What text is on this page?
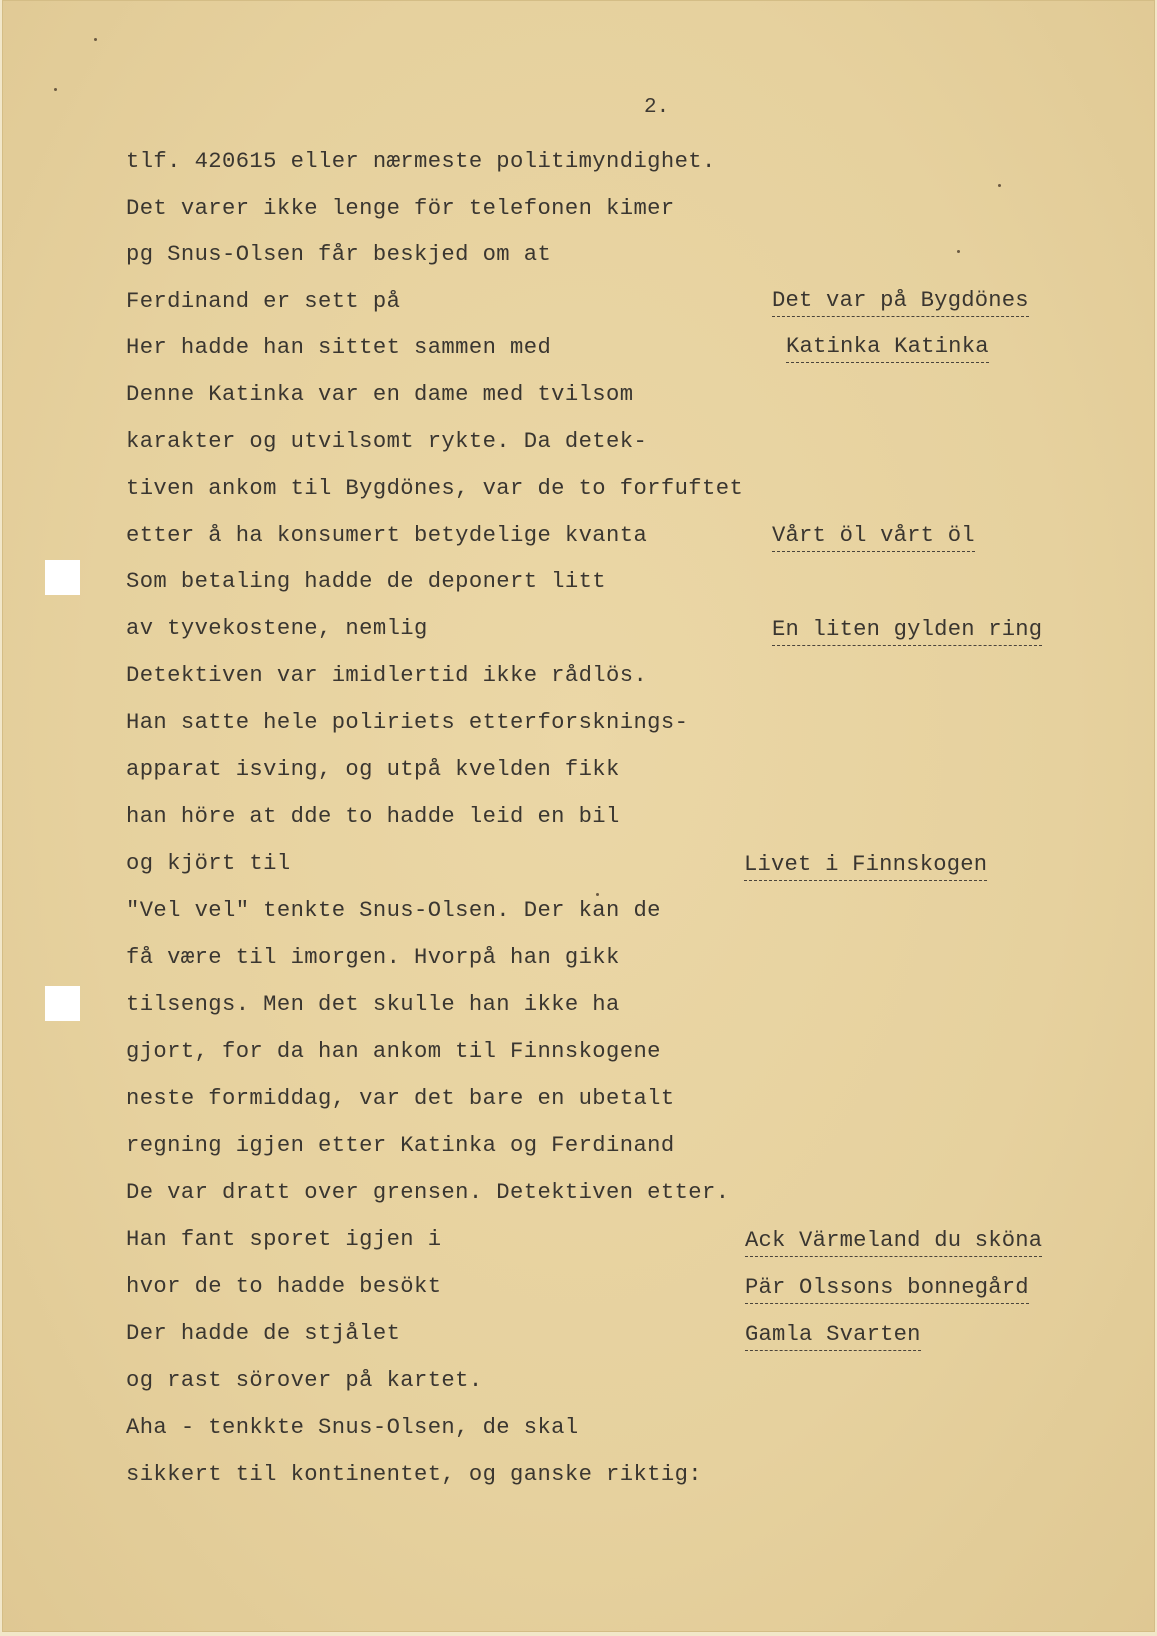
2.
tlf. 420615 eller nærmeste politimyndighet.
Det varer ikke lenge för telefonen kimer
pg Snus-Olsen får beskjed om at
Ferdinand er sett på
Her hadde han sittet sammen med
Denne Katinka var en dame med tvilsom
karakter og utvilsomt rykte. Da detek-
tiven ankom til Bygdönes, var de to forfuftet
etter å ha konsumert betydelige kvanta
Som betaling hadde de deponert litt
av tyvekostene, nemlig
Detektiven var imidlertid ikke rådlös.
Han satte hele poliriets etterforsknings-
apparat isving, og utpå kvelden fikk
han höre at dde to hadde leid en bil
og kjört til
"Vel vel" tenkte Snus-Olsen. Der kan de
få være til imorgen. Hvorpå han gikk
tilsengs. Men det skulle han ikke ha
gjort, for da han ankom til Finnskogene
neste formiddag, var det bare en ubetalt
regning igjen etter Katinka og Ferdinand
De var dratt over grensen. Detektiven etter.
Han fant sporet igjen i
hvor de to hadde besökt
Der hadde de stjålet
og rast sörover på kartet.
Aha - tenkkte Snus-Olsen, de skal
sikkert til kontinentet, og ganske riktig:
Det var på Bygdönes
Katinka Katinka
Vårt öl vårt öl
En liten gylden ring
Livet i Finnskogen
Ack Värmeland du sköna
Pär Olssons bonnegård
Gamla Svarten
